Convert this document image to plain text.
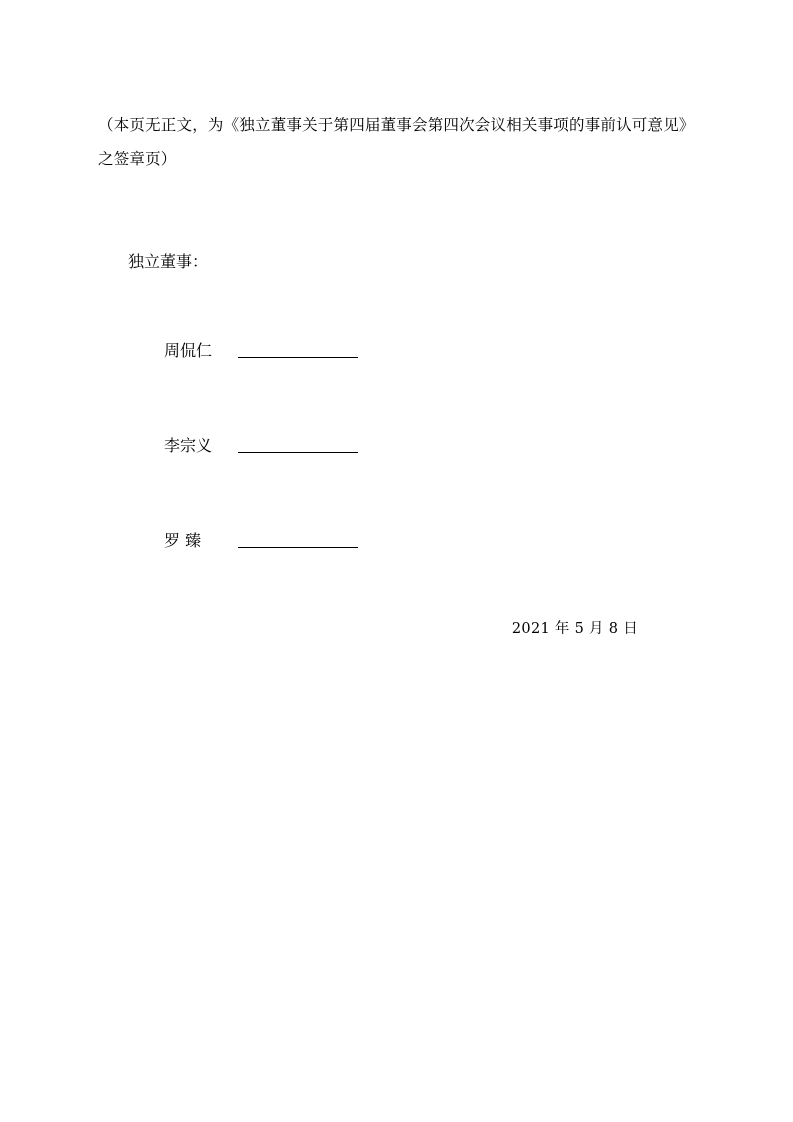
（本页无正文，为《独立董事关于第四届董事会第四次会议相关事项的事前认可意见》
之签章页）
独立董事：
周侃仁
李宗义
罗 臻
2021 年 5 月 8 日
